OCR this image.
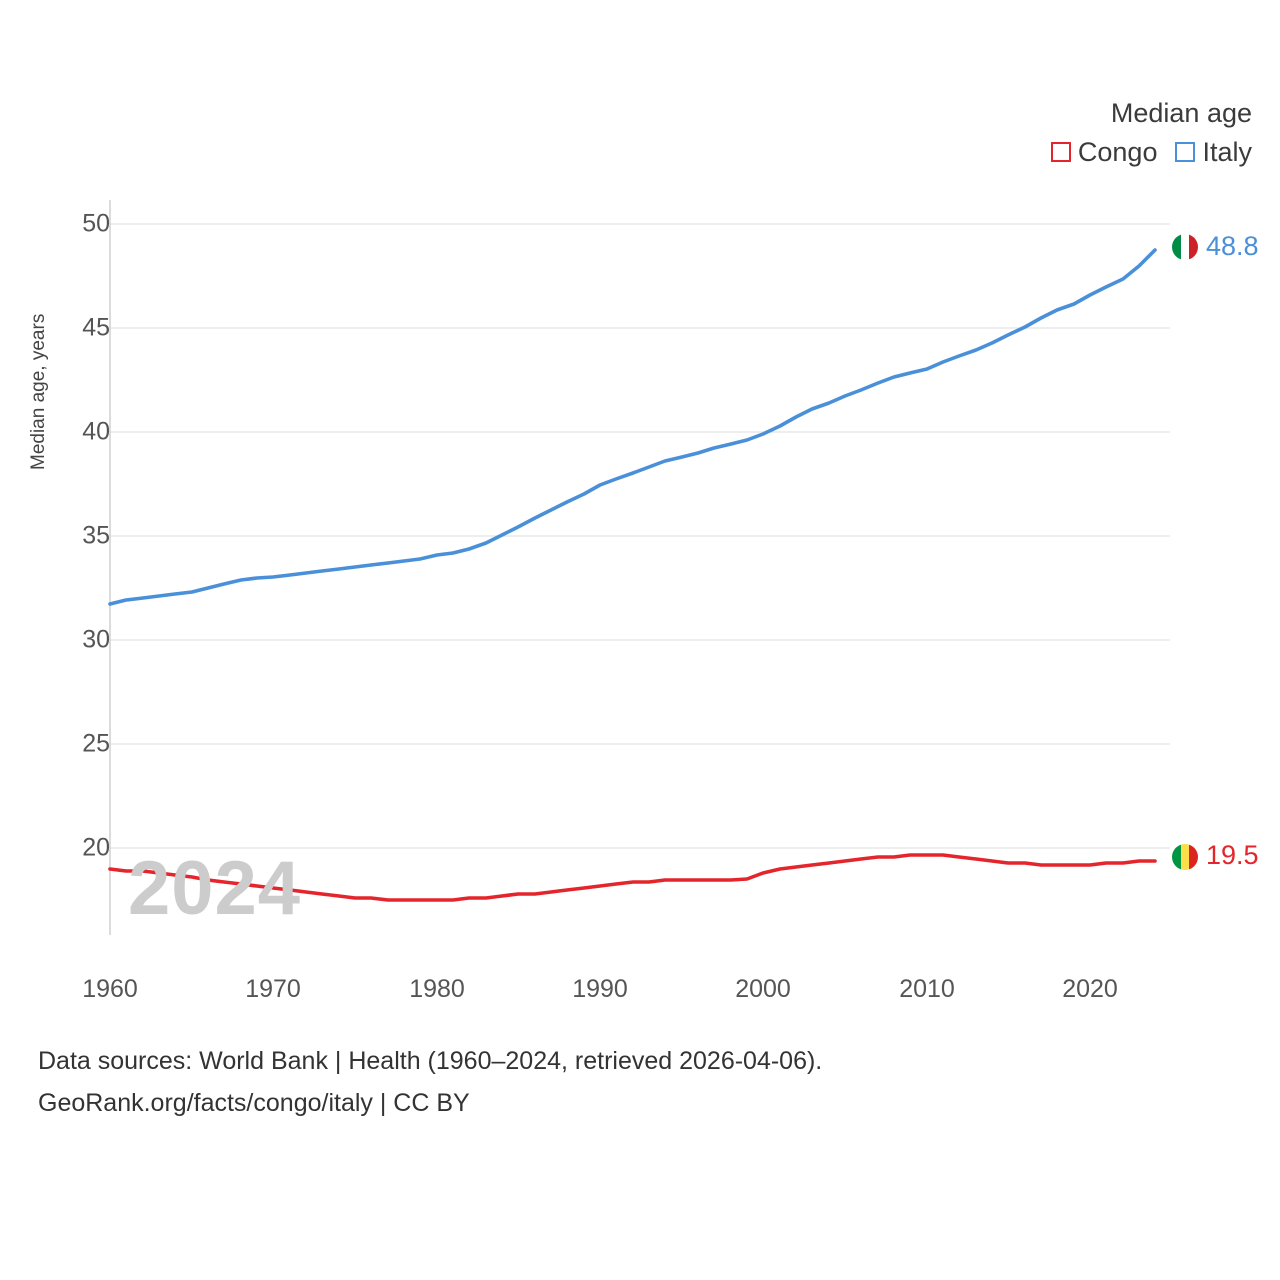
Median age
Congo Italy
20
25
30
35
40
45
50
Median age, years
1960	1970	1980	1990	2000	2010	2020
2024
48.8
19.5
Data sources: World Bank | Health (1960–2024, retrieved 2026-04-06).
GeoRank.org/facts/congo/italy | CC BY
